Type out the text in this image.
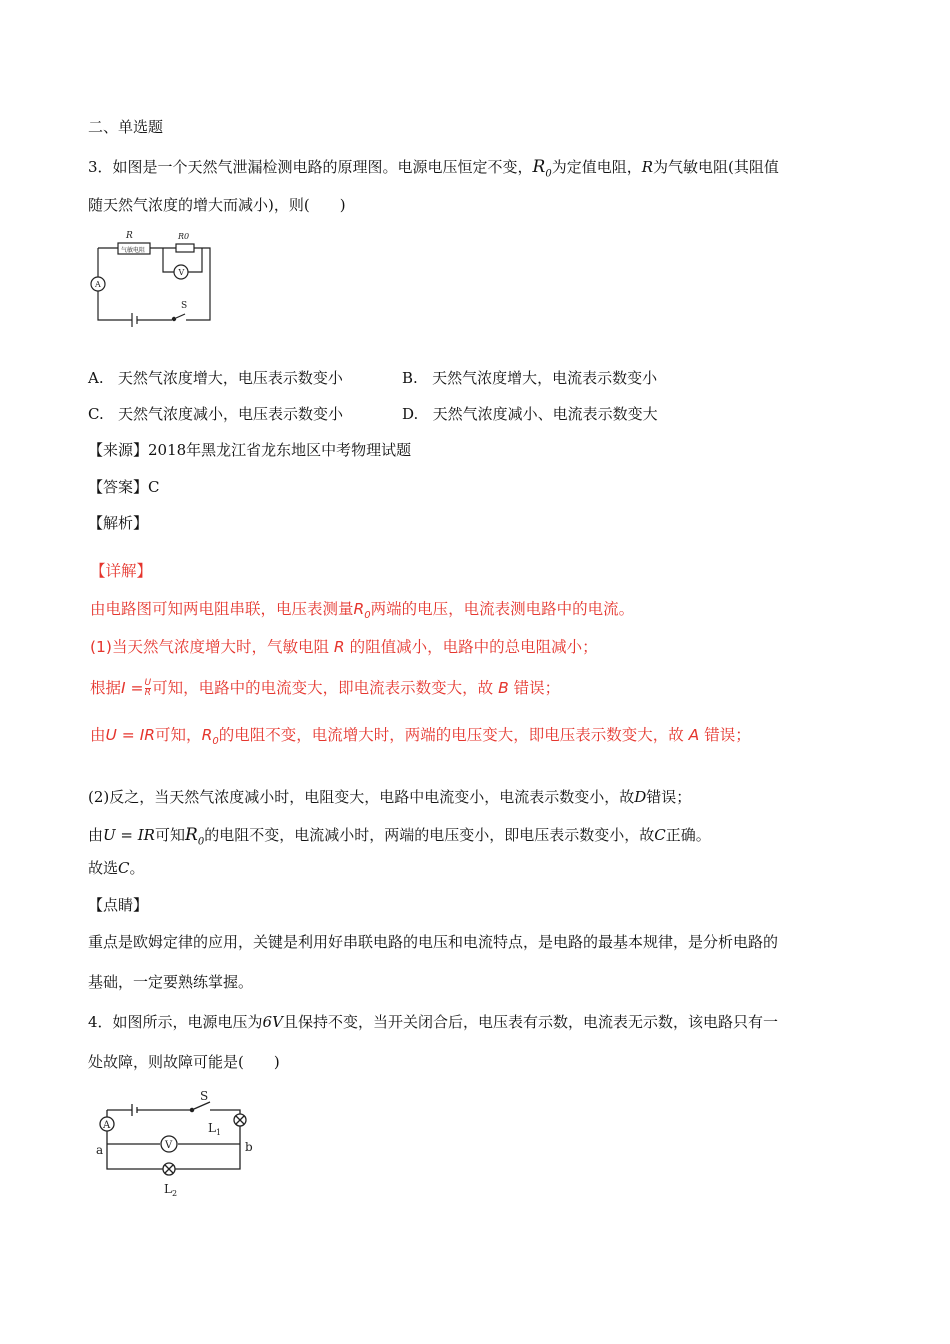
二、单选题
3．如图是一个天然气泄漏检测电路的原理图。电源电压恒定不变，$R_0$为定值电阻，R为气敏电阻(其阻值
随天然气浓度的增大而减小)，则(　　)
R
气敏电阻
R0
V
A
S
A. 天然气浓度增大，电压表示数变小	B. 天然气浓度增大，电流表示数变小
C. 天然气浓度减小，电压表示数变小	D. 天然气浓度减小、电流表示数变大
【来源】2018年黑龙江省龙东地区中考物理试题
【答案】C
【解析】
【详解】
由电路图可知两电阻串联，电压表测量$R_0$两端的电压，电流表测电路中的电流。
(1)当天然气浓度增大时，气敏电阻 R 的阻值减小，电路中的总电阻减小；
根据$I = \frac{U}{R}$ 可知，电路中的电流变大，即电流表示数变大，故 B 错误；
由U = IR可知，$R_0$的电阻不变，电流增大时，两端的电压变大，即电压表示数变大，故 A 错误；
(2)反之，当天然气浓度减小时，电阻变大，电路中电流变小，电流表示数变小，故D错误；
由U = IR可知$R_0$的电阻不变，电流减小时，两端的电压变小，即电压表示数变小，故C正确。
故选C。
【点睛】
重点是欧姆定律的应用，关键是利用好串联电路的电压和电流特点，是电路的最基本规律，是分析电路的
基础，一定要熟练掌握。
4．如图所示，电源电压为6V且保持不变，当开关闭合后，电压表有示数，电流表无示数，该电路只有一
处故障，则故障可能是(　　)
S
A
V
$L_1$
$L_2$
a	b
